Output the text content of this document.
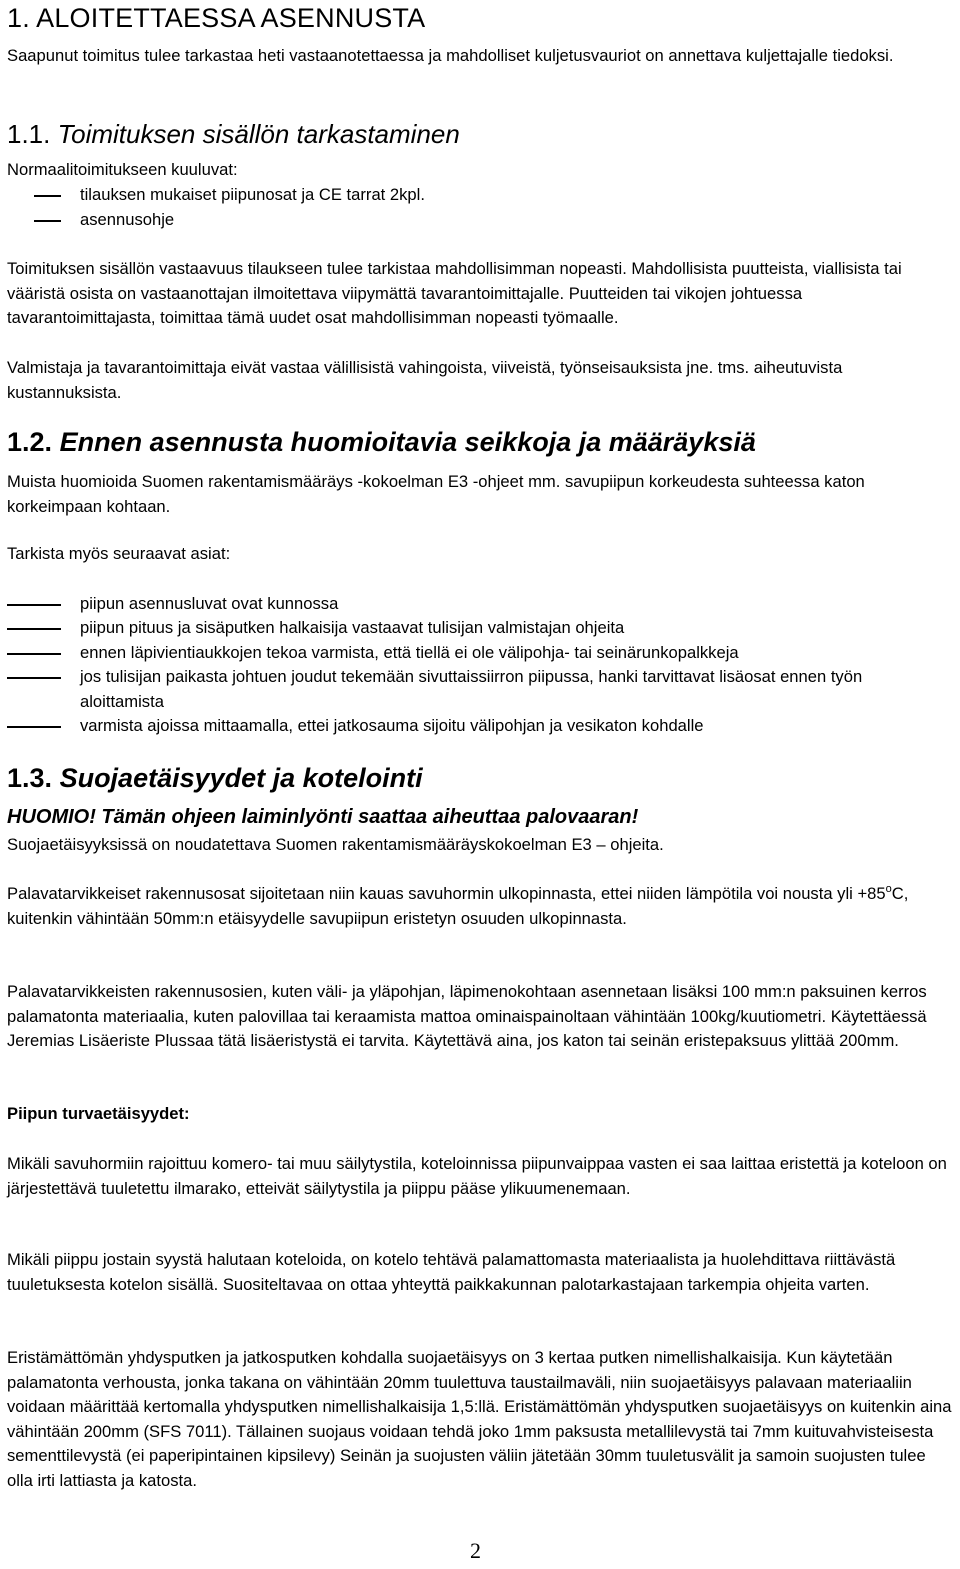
1. ALOITETTAESSA ASENNUSTA

Saapunut toimitus tulee tarkastaa heti vastaanotettaessa ja mahdolliset kuljetusvauriot on annettava kuljettajalle tiedoksi.

1.1. Toimituksen sisällön tarkastaminen

Normaalitoimitukseen kuuluvat:

tilauksen mukaiset piipunosat ja CE tarrat 2kpl.
asennusohje

Toimituksen sisällön vastaavuus tilaukseen tulee tarkistaa mahdollisimman nopeasti. Mahdollisista puutteista, viallisista tai vääristä osista on vastaanottajan ilmoitettava viipymättä tavarantoimittajalle. Puutteiden tai vikojen johtuessa tavarantoimittajasta, toimittaa tämä uudet osat mahdollisimman nopeasti työmaalle.

Valmistaja ja tavarantoimittaja eivät vastaa välillisistä vahingoista, viiveistä, työnseisauksista jne. tms. aiheutuvista kustannuksista.

1.2. Ennen asennusta huomioitavia seikkoja ja määräyksiä

Muista huomioida Suomen rakentamismääräys -kokoelman E3 -ohjeet mm. savupiipun korkeudesta suhteessa katon korkeimpaan kohtaan.

Tarkista myös seuraavat asiat:

piipun asennusluvat ovat kunnossa
piipun pituus ja sisäputken halkaisija vastaavat tulisijan valmistajan ohjeita
ennen läpivientiaukkojen tekoa varmista, että tiellä ei ole välipohja- tai seinärunkopalkkeja
jos tulisijan paikasta johtuen joudut tekemään sivuttaissiirron piipussa, hanki tarvittavat lisäosat ennen työn aloittamista
varmista ajoissa mittaamalla, ettei jatkosauma sijoitu välipohjan ja vesikaton kohdalle
1.3. Suojaetäisyydet ja kotelointi

HUOMIO! Tämän ohjeen laiminlyönti saattaa aiheuttaa palovaaran!

Suojaetäisyyksissä on noudatettava Suomen rakentamismääräyskokoelman E3 – ohjeita.

Palavatarvikkeiset rakennusosat sijoitetaan niin kauas savuhormin ulkopinnasta, ettei niiden lämpötila voi nousta yli $+85^oC$, kuitenkin vähintään 50mm:n etäisyydelle savupiipun eristetyn osuuden ulkopinnasta.

Palavatarvikkeisten rakennusosien, kuten väli- ja yläpohjan, läpimenokohtaan asennetaan lisäksi 100 mm:n paksuinen kerros palamatonta materiaalia, kuten palovillaa tai keraamista mattoa ominaispainoltaan vähintään 100kg/kuutiometri. Käytettäessä Jeremias Lisäeriste Plussaa tätä lisäeristystä ei tarvita. Käytettävä aina, jos katon tai seinän eristepaksuus ylittää 200mm.

Piipun turvaetäisyydet:

Mikäli savuhormiin rajoittuu komero- tai muu säilytystila, koteloinnissa piipunvaippaa vasten ei saa laittaa eristettä ja koteloon on järjestettävä tuuletettu ilmarako, etteivät säilytystila ja piippu pääse ylikuumenemaan.

Mikäli piippu jostain syystä halutaan koteloida, on kotelo tehtävä palamattomasta materiaalista ja huolehdittava riittävästä tuuletuksesta kotelon sisällä. Suositeltavaa on ottaa yhteyttä paikkakunnan palotarkastajaan tarkempia ohjeita varten.

Eristämättömän yhdysputken ja jatkosputken kohdalla suojaetäisyys on 3 kertaa putken nimellishalkaisija. Kun käytetään palamatonta verhousta, jonka takana on vähintään 20mm tuulettuva taustailmaväli, niin suojaetäisyys palavaan materiaaliin voidaan määrittää kertomalla yhdysputken nimellishalkaisija 1,5:llä. Eristämättömän yhdysputken suojaetäisyys on kuitenkin aina vähintään 200mm (SFS 7011). Tällainen suojaus voidaan tehdä joko 1mm paksusta metallilevystä tai 7mm kuituvahvisteisesta sementtilevystä (ei paperipintainen kipsilevy) Seinän ja suojusten väliin jätetään 30mm tuuletusvälit ja samoin suojusten tulee olla irti lattiasta ja katosta.

2
